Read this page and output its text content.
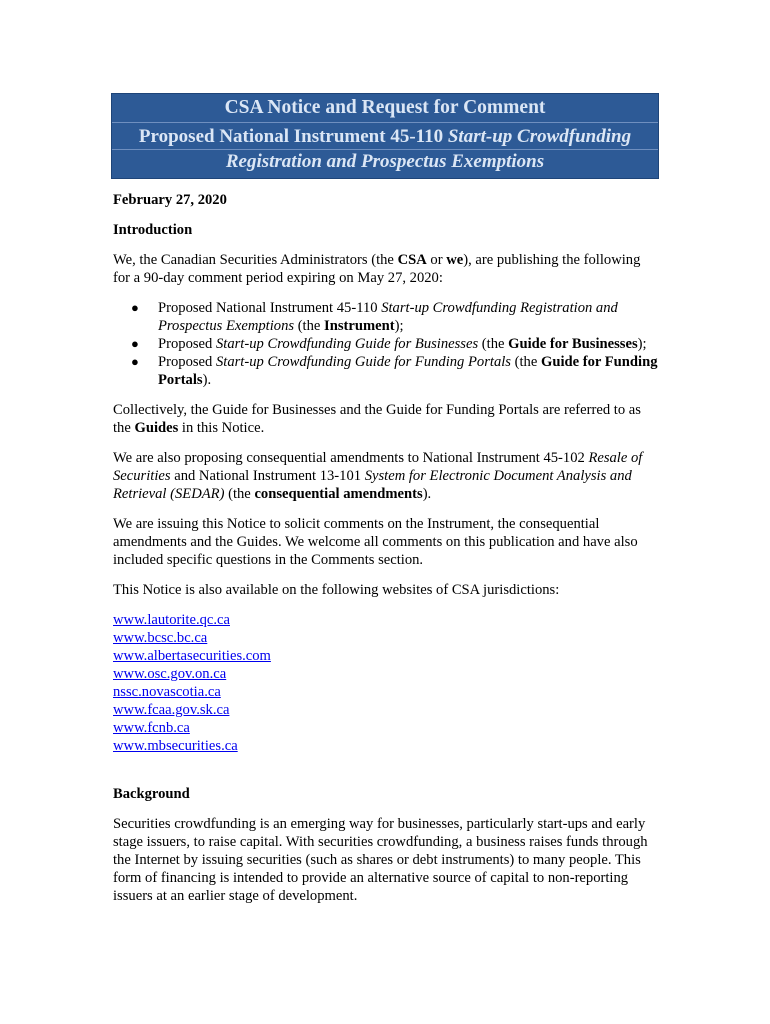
CSA Notice and Request for Comment
Proposed National Instrument 45-110 Start-up Crowdfunding
Registration and Prospectus Exemptions

February 27, 2020

Introduction

We, the Canadian Securities Administrators (the CSA or we), are publishing the following for a 90-day comment period expiring on May 27, 2020:

● Proposed National Instrument 45-110 Start-up Crowdfunding Registration and Prospectus Exemptions (the Instrument);
● Proposed Start-up Crowdfunding Guide for Businesses (the Guide for Businesses);
● Proposed Start-up Crowdfunding Guide for Funding Portals (the Guide for Funding Portals).

Collectively, the Guide for Businesses and the Guide for Funding Portals are referred to as the Guides in this Notice.

We are also proposing consequential amendments to National Instrument 45-102 Resale of Securities and National Instrument 13-101 System for Electronic Document Analysis and Retrieval (SEDAR) (the consequential amendments).

We are issuing this Notice to solicit comments on the Instrument, the consequential amendments and the Guides. We welcome all comments on this publication and have also included specific questions in the Comments section.

This Notice is also available on the following websites of CSA jurisdictions:

www.lautorite.qc.ca
www.bcsc.bc.ca
www.albertasecurities.com
www.osc.gov.on.ca
nssc.novascotia.ca
www.fcaa.gov.sk.ca
www.fcnb.ca
www.mbsecurities.ca

Background

Securities crowdfunding is an emerging way for businesses, particularly start-ups and early stage issuers, to raise capital. With securities crowdfunding, a business raises funds through the Internet by issuing securities (such as shares or debt instruments) to many people. This form of financing is intended to provide an alternative source of capital to non-reporting issuers at an earlier stage of development.
